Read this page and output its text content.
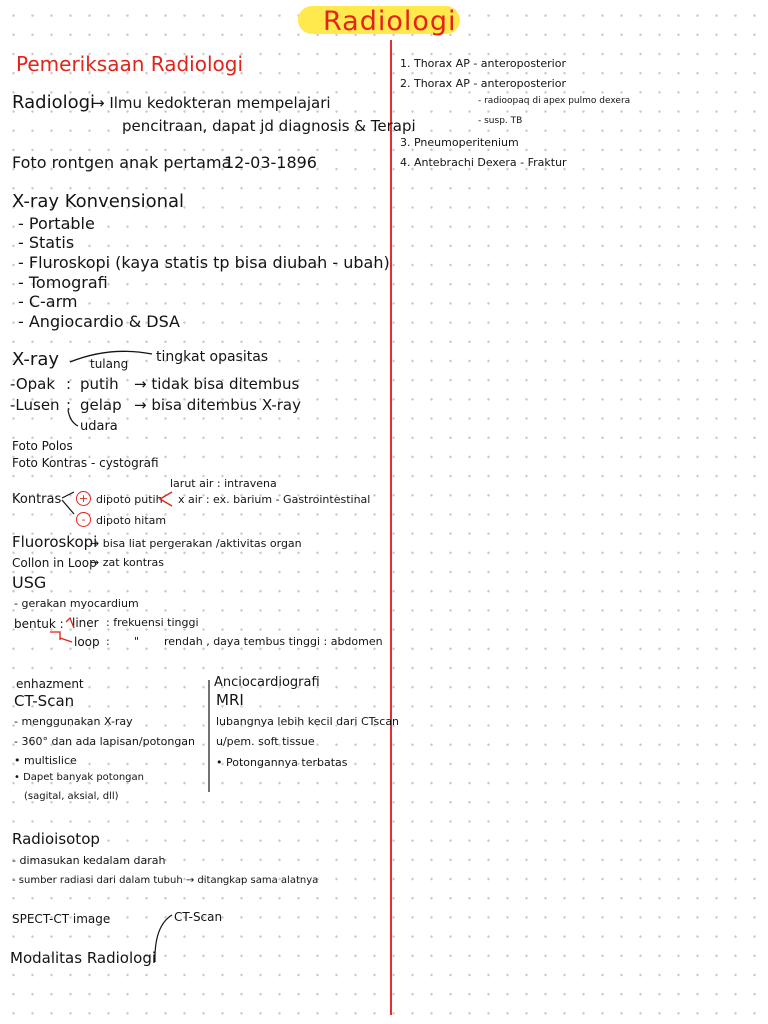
Radiologi
Pemeriksaan Radiologi
Radiologi
→ Ilmu kedokteran mempelajari
pencitraan, dapat jd diagnosis & Terapi
Foto rontgen anak pertama
12-03-1896
X-ray Konvensional
- Portable
- Statis
- Fluroskopi (kaya statis tp bisa diubah - ubah)
- Tomografi
- C-arm
- Angiocardio & DSA
X-ray	tulang tingkat opasitas
-Opak : putih → tidak bisa ditembus
-Lusen : gelap → bisa ditembus X-ray
udara
Foto Polos
Foto Kontras - cystografi
Kontras +
-
dipoto putih
dipoto hitam
larut air : intravena
x air : ex. barium - Gastrointestinal
Fluoroskopi
→ bisa liat pergerakan /aktivitas organ
Collon in Loop
→ zat kontras
USG
- gerakan myocardium
bentuk : liner : frekuensi tinggi
loop : " rendah , daya tembus tinggi : abdomen
enhazment
CT-Scan
- menggunakan X-ray
- 360° dan ada lapisan/potongan
• multislice
• Dapet banyak potongan
(sagital, aksial, dll)
Anciocardiografi
MRI
lubangnya lebih kecil dari CTscan
u/pem. soft tissue
• Potongannya terbatas
Radioisotop
- dimasukan kedalam darah
- sumber radiasi dari dalam tubuh → ditangkap sama alatnya
SPECT-CT image	CT-Scan
Modalitas Radiologi
1. Thorax AP - anteroposterior
2. Thorax AP - anteroposterior
- radioopaq di apex pulmo dexera
- susp. TB
3. Pneumoperitenium
4. Antebrachi Dexera - Fraktur
